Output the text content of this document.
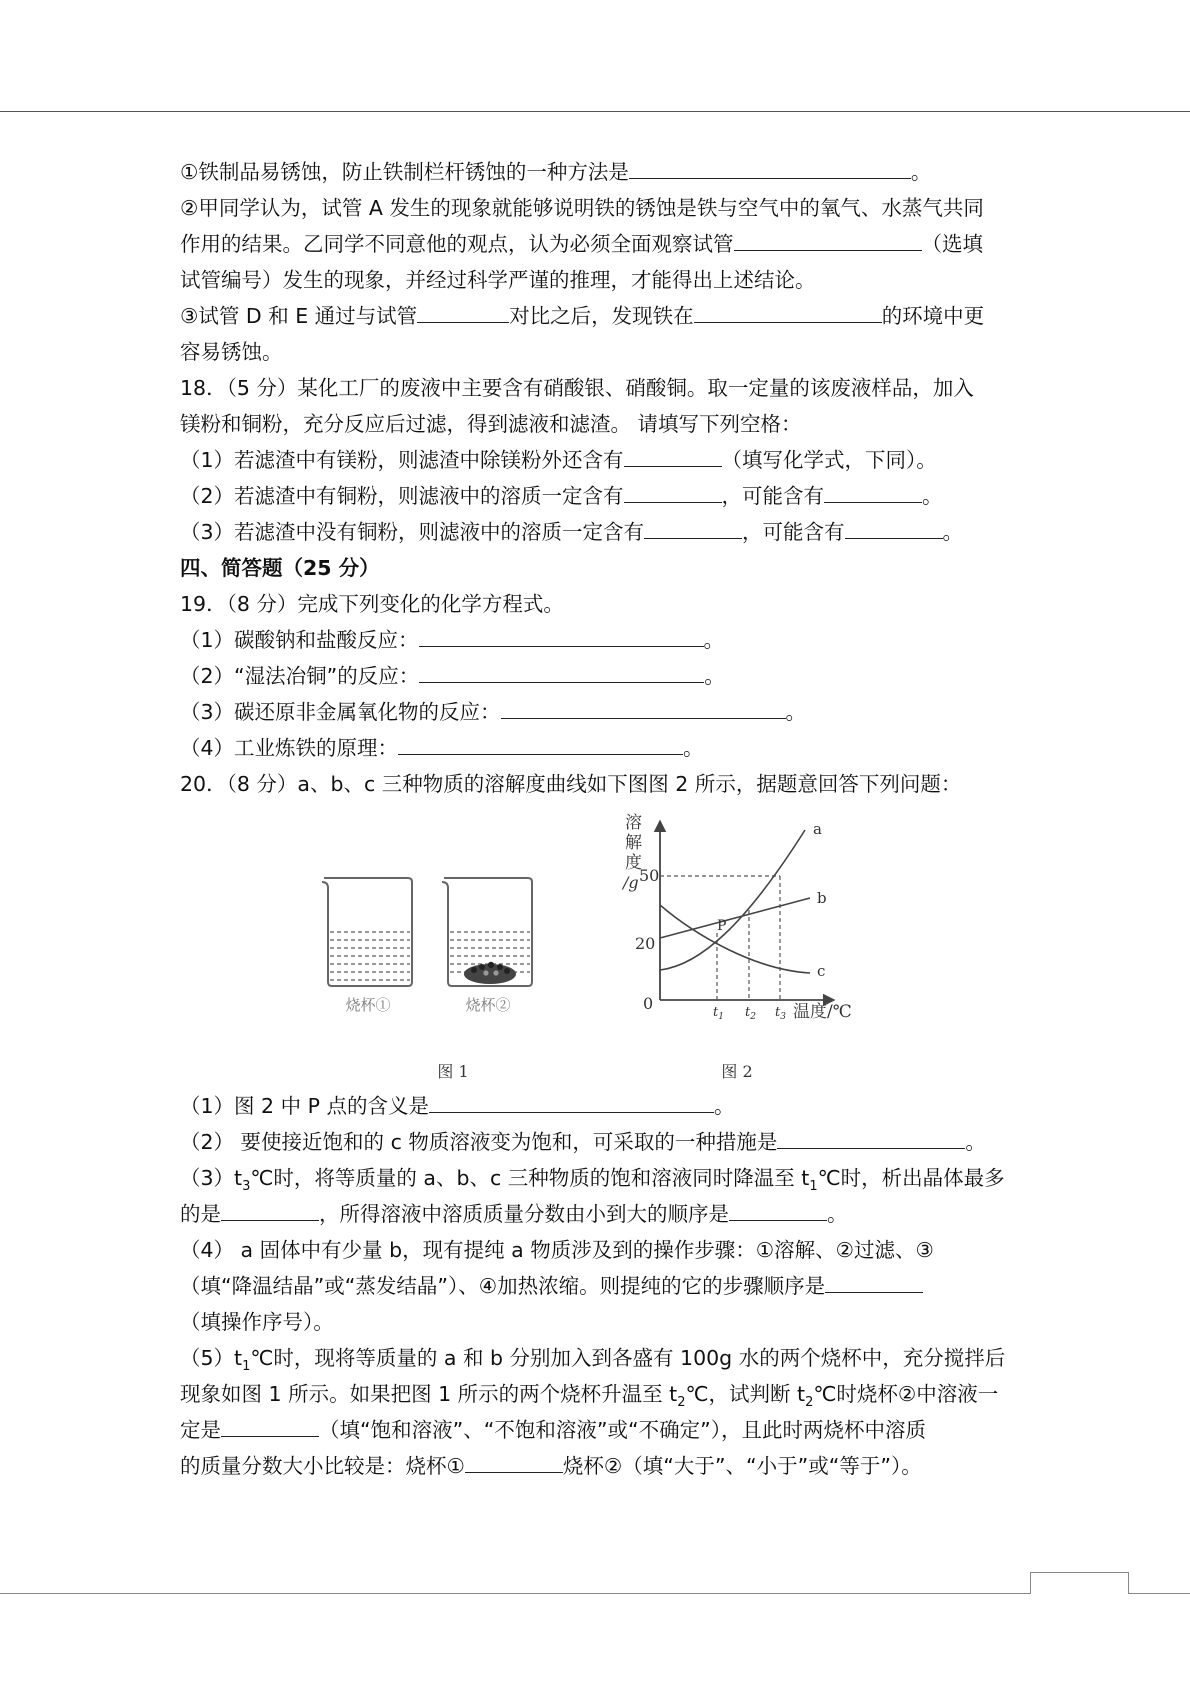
①铁制品易锈蚀，防止铁制栏杆锈蚀的一种方法是	。
②甲同学认为，试管 A 发生的现象就能够说明铁的锈蚀是铁与空气中的氧气、水蒸气共同
作用的结果。乙同学不同意他的观点，认为必须全面观察试管	（选填
试管编号）发生的现象，并经过科学严谨的推理，才能得出上述结论。
③试管 D 和 E 通过与试管	对比之后，发现铁在	的环境中更
容易锈蚀。
18．（5 分）某化工厂的废液中主要含有硝酸银、硝酸铜。取一定量的该废液样品，加入
镁粉和铜粉，充分反应后过滤，得到滤液和滤渣。 请填写下列空格：
（1）若滤渣中有镁粉，则滤渣中除镁粉外还含有	（填写化学式，下同）。
（2）若滤渣中有铜粉，则滤液中的溶质一定含有	，可能含有	。
（3）若滤渣中没有铜粉，则滤液中的溶质一定含有	，可能含有	。
四、简答题（25 分）
19．（8 分）完成下列变化的化学方程式。
（1）碳酸钠和盐酸反应：	。
（2）“湿法冶铜”的反应：	。
（3）碳还原非金属氧化物的反应：	。
（4）工业炼铁的原理：	。
20．（8 分）a、b、c 三种物质的溶解度曲线如下图图 2 所示，据题意回答下列问题：
（1）图 2 中 P 点的含义是	。
（2） 要使接近饱和的 c 物质溶液变为饱和，可采取的一种措施是	。
$(3)t_3℃$时，将等质量的 a、b、c 三种物质的饱和溶液同时降温至 $t_1℃$时，析出晶体最多
的是	，所得溶液中溶质质量分数由小到大的顺序是	。
（4） a 固体中有少量 b，现有提纯 a 物质涉及到的操作步骤：①溶解、②过滤、③
（填“降温结晶”或“蒸发结晶”）、④加热浓缩。则提纯的它的步骤顺序是
（填操作序号）。
$(5)t_1℃$时，现将等质量的 a 和 b 分别加入到各盛有 100g 水的两个烧杯中，充分搅拌后
现象如图 1 所示。如果把图 1 所示的两个烧杯升温至 $t_2℃$，试判断 $t_2℃$时烧杯②中溶液一
定是	（填“饱和溶液”、“不饱和溶液”或“不确定”），且此时两烧杯中溶质
的质量分数大小比较是：烧杯①	烧杯②（填“大于”、“小于”或“等于”）。
烧杯①	烧杯②
图 1
溶
解
度
/g 50
20
0
a
b
c
P
$t_1$ $t_2$ $t_3$ 温度/℃
图 2
